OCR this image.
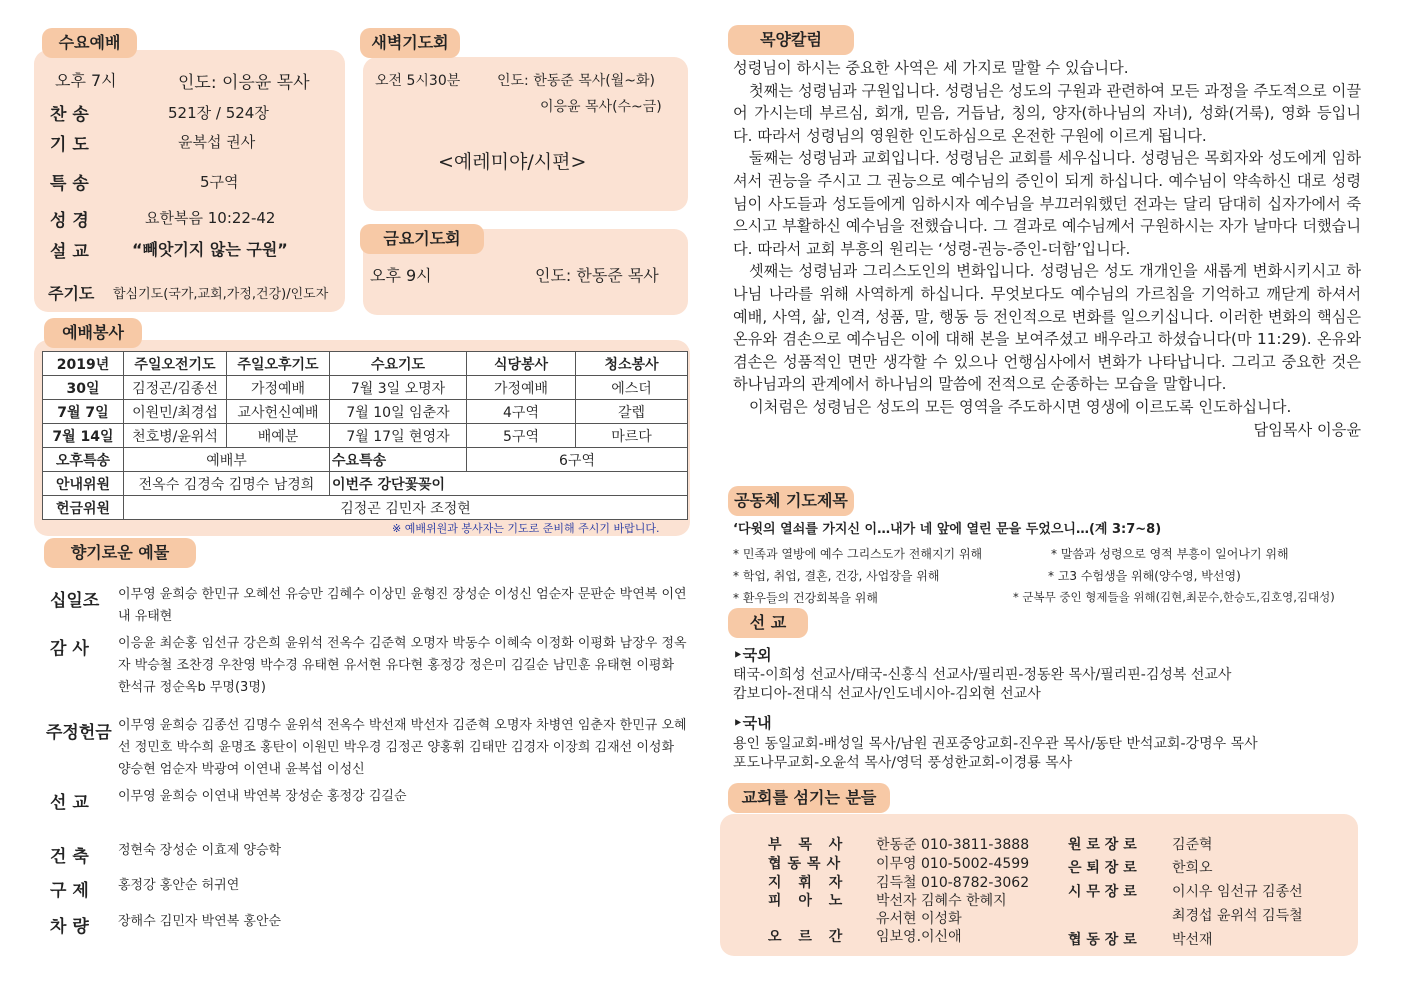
수요예배
오후 7시	인도: 이응윤 목사
찬 송	521장 / 524장
기 도	윤복섭 권사
특 송	5구역
성 경	요한복음 10:22-42
설 교	“빼앗기지 않는 구원”
주기도 합심기도(국가,교회,가정,건강)/인도자
새벽기도회
오전 5시30분	인도: 한동준 목사(월~화)
이응윤 목사(수~금)
<예레미야/시편>
금요기도회
오후 9시	인도: 한동준 목사
예배봉사
2019년	주일오전기도	주일오후기도	수요기도	식당봉사	청소봉사
30일	김정곤/김종선	가정예배	7월 3일 오명자	가정예배	에스더
7월 7일	이원민/최경섭	교사헌신예배	7월 10일 임춘자	4구역	갈렙
7월 14일	천호병/윤위석	배예분	7월 17일 현영자	5구역	마르다
오후특송	예배부		수요특송	6구역	
안내위원	전옥수 김경숙 김명수 남경희		이번주 강단꽃꽂이		
헌금위원	김정곤 김민자 조정현				
※ 예배위원과 봉사자는 기도로 준비해 주시기 바랍니다.
향기로운 예물
십일조 이무영 윤희승 한민규 오혜선 유승만 김혜수 이상민 윤형진 장성순 이성신 엄순자 문판순 박연복 이연내 유태현
감 사 이응윤 최순홍 임선규 강은희 윤위석 전옥수 김준혁 오명자 박동수 이혜숙 이정화 이평화 남장우 정옥자 박승철 조찬경 우찬영 박수경 유태현 유서현 유다현 홍정강 정은미 김길순 남민훈 유태현 이평화 한석규 정순옥b 무명(3명)
주정헌금 이무영 윤희승 김종선 김명수 윤위석 전옥수 박선재 박선자 김준혁 오명자 차병연 임춘자 한민규 오혜선 정민호 박수희 윤명조 홍탄이 이원민 박우경 김정곤 양홍휘 김태만 김경자 이장희 김재선 이성화 양승현 엄순자 박광여 이연내 윤복섭 이성신
선 교 이무영 윤희승 이연내 박연복 장성순 홍정강 김길순
건 축 정현숙 장성순 이효제 양승학
구 제 홍정강 홍안순 허귀연
차 량 장해수 김민자 박연복 홍안순
목양칼럼

성령님이 하시는 중요한 사역은 세 가지로 말할 수 있습니다.

첫째는 성령님과 구원입니다. 성령님은 성도의 구원과 관련하여 모든 과정을 주도적으로 이끌어 가시는데 부르심, 회개, 믿음, 거듭남, 칭의, 양자(하나님의 자녀), 성화(거룩), 영화 등입니다. 따라서 성령님의 영원한 인도하심으로 온전한 구원에 이르게 됩니다.

둘째는 성령님과 교회입니다. 성령님은 교회를 세우십니다. 성령님은 목회자와 성도에게 임하셔서 권능을 주시고 그 권능으로 예수님의 증인이 되게 하십니다. 예수님이 약속하신 대로 성령님이 사도들과 성도들에게 임하시자 예수님을 부끄러워했던 전과는 달리 담대히 십자가에서 죽으시고 부활하신 예수님을 전했습니다. 그 결과로 예수님께서 구원하시는 자가 날마다 더했습니다. 따라서 교회 부흥의 원리는 ‘성령-권능-증인-더함’입니다.

셋째는 성령님과 그리스도인의 변화입니다. 성령님은 성도 개개인을 새롭게 변화시키시고 하나님 나라를 위해 사역하게 하십니다. 무엇보다도 예수님의 가르침을 기억하고 깨닫게 하셔서 예배, 사역, 삶, 인격, 성품, 말, 행동 등 전인적으로 변화를 일으키십니다. 이러한 변화의 핵심은 온유와 겸손으로 예수님은 이에 대해 본을 보여주셨고 배우라고 하셨습니다(마 11:29). 온유와 겸손은 성품적인 면만 생각할 수 있으나 언행심사에서 변화가 나타납니다. 그리고 중요한 것은 하나님과의 관계에서 하나님의 말씀에 전적으로 순종하는 모습을 말합니다.

이처럼은 성령님은 성도의 모든 영역을 주도하시면 영생에 이르도록 인도하십니다.

담임목사 이응윤

공동체 기도제목
‘다윗의 열쇠를 가지신 이…내가 네 앞에 열린 문을 두었으니…(계 3:7~8)
* 민족과 열방에 예수 그리스도가 전해지기 위해	* 말씀과 성령으로 영적 부흥이 일어나기 위해
* 학업, 취업, 결혼, 건강, 사업장을 위해	* 고3 수험생을 위해(양수영, 박선영)
* 환우들의 건강회복을 위해	* 군복무 중인 형제들을 위해(김현,최문수,한승도,김호영,김대성)
선 교
‣국외
태국-이희성 선교사/태국-신홍식 선교사/필리핀-정동완 목사/필리핀-김성복 선교사
캄보디아-전대식 선교사/인도네시아-김외현 선교사
‣국내
용인 동일교회-배성일 목사/남원 권포중앙교회-진우관 목사/동탄 반석교회-강명우 목사
포도나무교회-오윤석 목사/영덕 풍성한교회-이경룡 목사
교회를 섬기는 분들
부 목 사 한동준 010-3811-3888
협동목사 이무영 010-5002-4599
지 휘 자 김득철 010-8782-3062
피 아 노 박선자 김혜수 한혜지
유서현 이성화
오 르 간 임보영.이신애
원 로 장 로	김준혁
은 퇴 장 로	한희오
시 무 장 로	이시우 임선규 김종선
최경섭 윤위석 김득철
협 동 장 로	박선재
